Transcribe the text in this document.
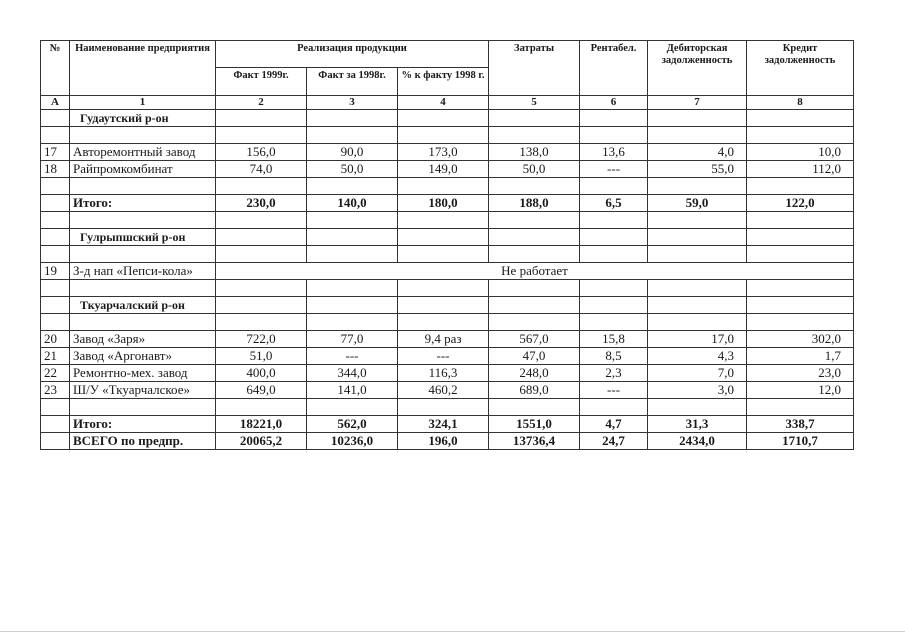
№	Наименование предприятия	Реализация продукции			Затраты	Рентабел.	Дебиторская задолженность	Кредит задолженность
		Факт 1999г.	Факт за 1998г.	% к факту 1998 г.				
А	1	2	3	4	5	6	7	8
	Гудаутский р-он							

17	Авторемонтный завод	156,0	90,0	173,0	138,0	13,6	4,0	10,0
18	Райпромкомбинат	74,0	50,0	149,0	50,0	---	55,0	112,0

	Итого:	230,0	140,0	180,0	188,0	6,5	59,0	122,0

	Гулрыпшский р-он							

19	З-д нап «Пепси-кола»	Не работает						

	Ткуарчалский р-он							

20	Завод «Заря»	722,0	77,0	9,4 раз	567,0	15,8	17,0	302,0
21	Завод «Аргонавт»	51,0	---	---	47,0	8,5	4,3	1,7
22	Ремонтно-мех. завод	400,0	344,0	116,3	248,0	2,3	7,0	23,0
23	Ш/У «Ткуарчалское»	649,0	141,0	460,2	689,0	---	3,0	12,0

	Итого:	18221,0	562,0	324,1	1551,0	4,7	31,3	338,7
	ВСЕГО по предпр.	20065,2	10236,0	196,0	13736,4	24,7	2434,0	1710,7
